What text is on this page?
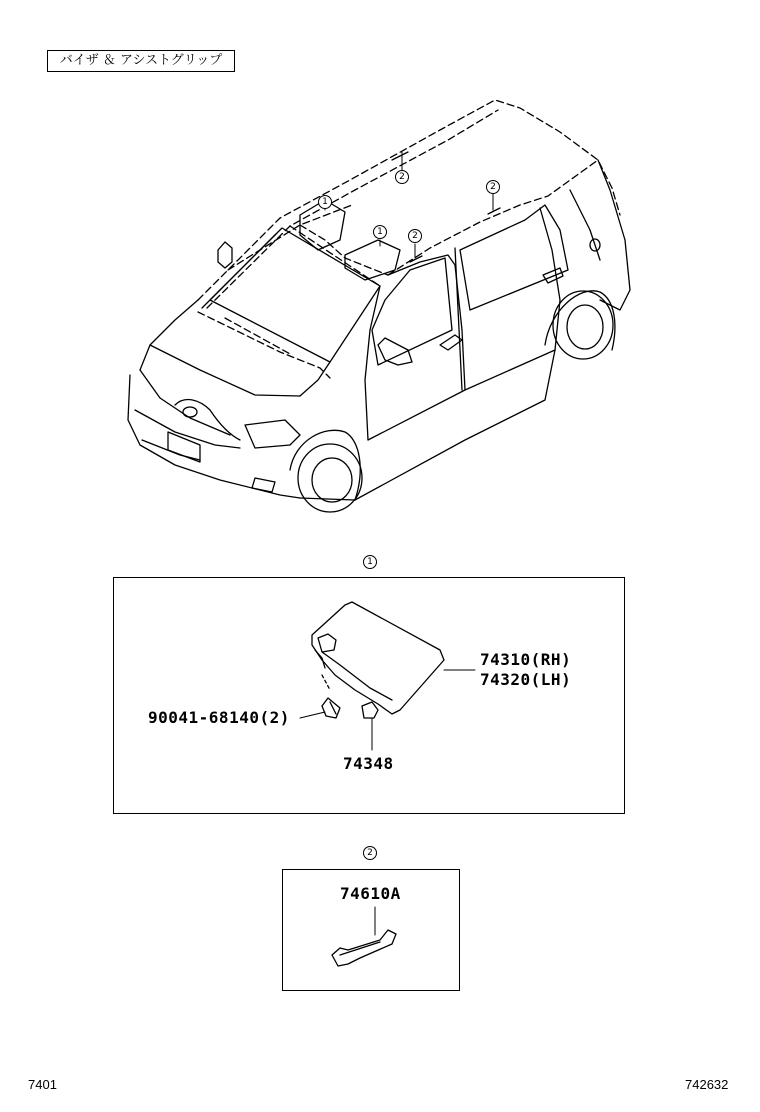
バイザ ＆ アシストグリップ
2
2
2
1
1
1
74310(RH)
74320(LH)
90041-68140(2)
74348
2
74610A
7401	742632
